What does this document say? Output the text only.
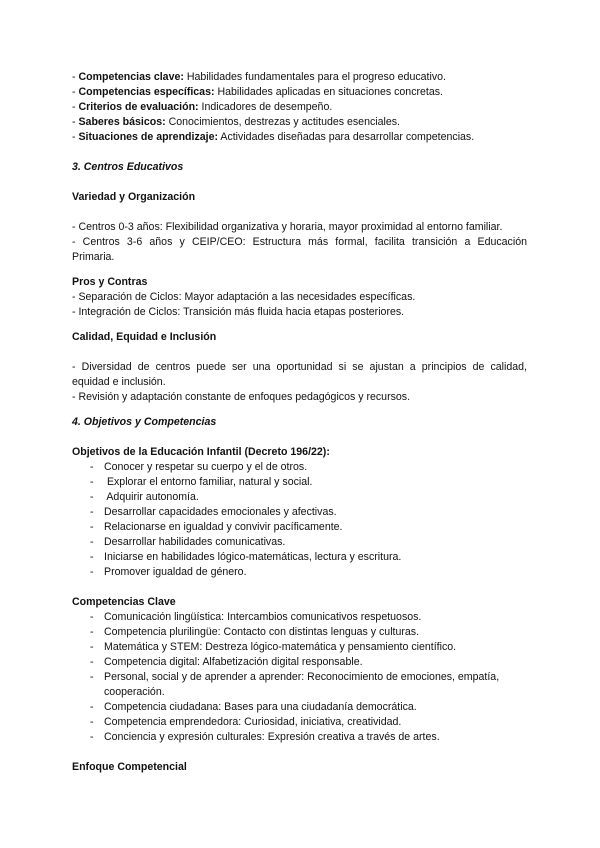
- Competencias clave: Habilidades fundamentales para el progreso educativo.
- Competencias específicas: Habilidades aplicadas en situaciones concretas.
- Criterios de evaluación: Indicadores de desempeño.
- Saberes básicos: Conocimientos, destrezas y actitudes esenciales.
- Situaciones de aprendizaje: Actividades diseñadas para desarrollar competencias.
3. Centros Educativos
Variedad y Organización
- Centros 0-3 años: Flexibilidad organizativa y horaria, mayor proximidad al entorno familiar.
- Centros 3-6 años y CEIP/CEO: Estructura más formal, facilita transición a Educación
Primaria.
Pros y Contras
- Separación de Ciclos: Mayor adaptación a las necesidades específicas.
- Integración de Ciclos: Transición más fluida hacia etapas posteriores.
Calidad, Equidad e Inclusión
- Diversidad de centros puede ser una oportunidad si se ajustan a principios de calidad,
equidad e inclusión.
- Revisión y adaptación constante de enfoques pedagógicos y recursos.
4. Objetivos y Competencias
Objetivos de la Educación Infantil (Decreto 196/22):
- Conocer y respetar su cuerpo y el de otros.
- Explorar el entorno familiar, natural y social.
- Adquirir autonomía.
- Desarrollar capacidades emocionales y afectivas.
- Relacionarse en igualdad y convivir pacíficamente.
- Desarrollar habilidades comunicativas.
- Iniciarse en habilidades lógico-matemáticas, lectura y escritura.
- Promover igualdad de género.
Competencias Clave
- Comunicación lingüística: Intercambios comunicativos respetuosos.
- Competencia plurilingüe: Contacto con distintas lenguas y culturas.
- Matemática y STEM: Destreza lógico-matemática y pensamiento científico.
- Competencia digital: Alfabetización digital responsable.
- Personal, social y de aprender a aprender: Reconocimiento de emociones, empatía, cooperación.
- Competencia ciudadana: Bases para una ciudadanía democrática.
- Competencia emprendedora: Curiosidad, iniciativa, creatividad.
- Conciencia y expresión culturales: Expresión creativa a través de artes.
Enfoque Competencial
